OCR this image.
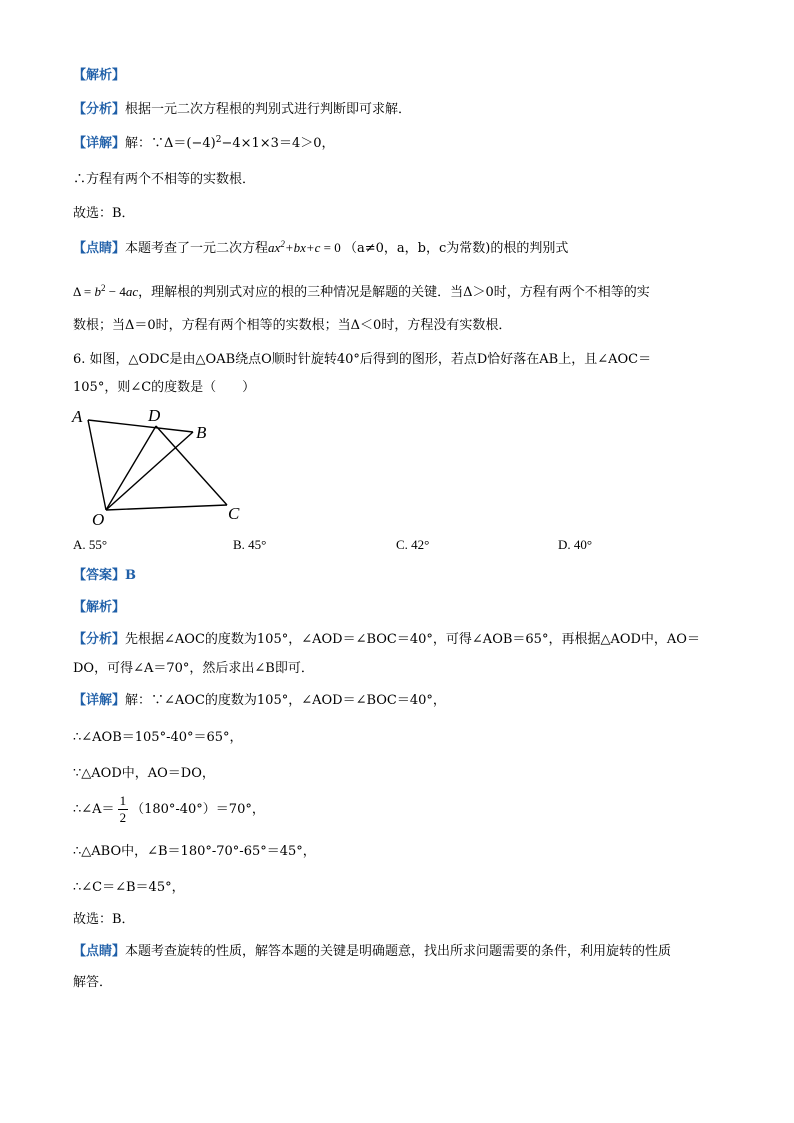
【解析】
【分析】根据一元二次方程根的判别式进行判断即可求解．
【详解】解：$\because\Delta=(-4)^2-4\times 1\times 3=4>0$，
∴方程有两个不相等的实数根．
故选：B．
【点睛】本题考查了一元二次方程$ax^2+bx+c = 0$ （a≠0，a，b，c为常数)的根的判别式
$\Delta = b^2 - 4ac$，理解根的判别式对应的根的三种情况是解题的关键．当Δ＞0时，方程有两个不相等的实
数根；当Δ＝0时，方程有两个相等的实数根；当Δ＜0时，方程没有实数根．
6. 如图，△ODC是由△OAB绕点O顺时针旋转40°后得到的图形，若点D恰好落在AB上，且∠AOC＝
105°，则∠C的度数是（　　）
A	D
B
O	C
A. 55°	B. 45°	C. 42°	D. 40°
【答案】B
【解析】
【分析】先根据∠AOC的度数为105°，∠AOD＝∠BOC＝40°，可得∠AOB＝65°，再根据△AOD中，AO＝
DO，可得∠A＝70°，然后求出∠B即可．
【详解】解：∵∠AOC的度数为105°，∠AOD＝∠BOC＝40°，
∴∠AOB＝105°-40°＝65°，
∵△AOD中，AO＝DO，
∴∠A＝ $\frac{1}{2} (180^\circ-40^\circ)=70^\circ$，
∴△ABO中，∠B＝180°-70°-65°＝45°，
∴∠C＝∠B＝45°，
故选：B．
【点睛】本题考查旋转的性质，解答本题的关键是明确题意，找出所求问题需要的条件，利用旋转的性质
解答．
